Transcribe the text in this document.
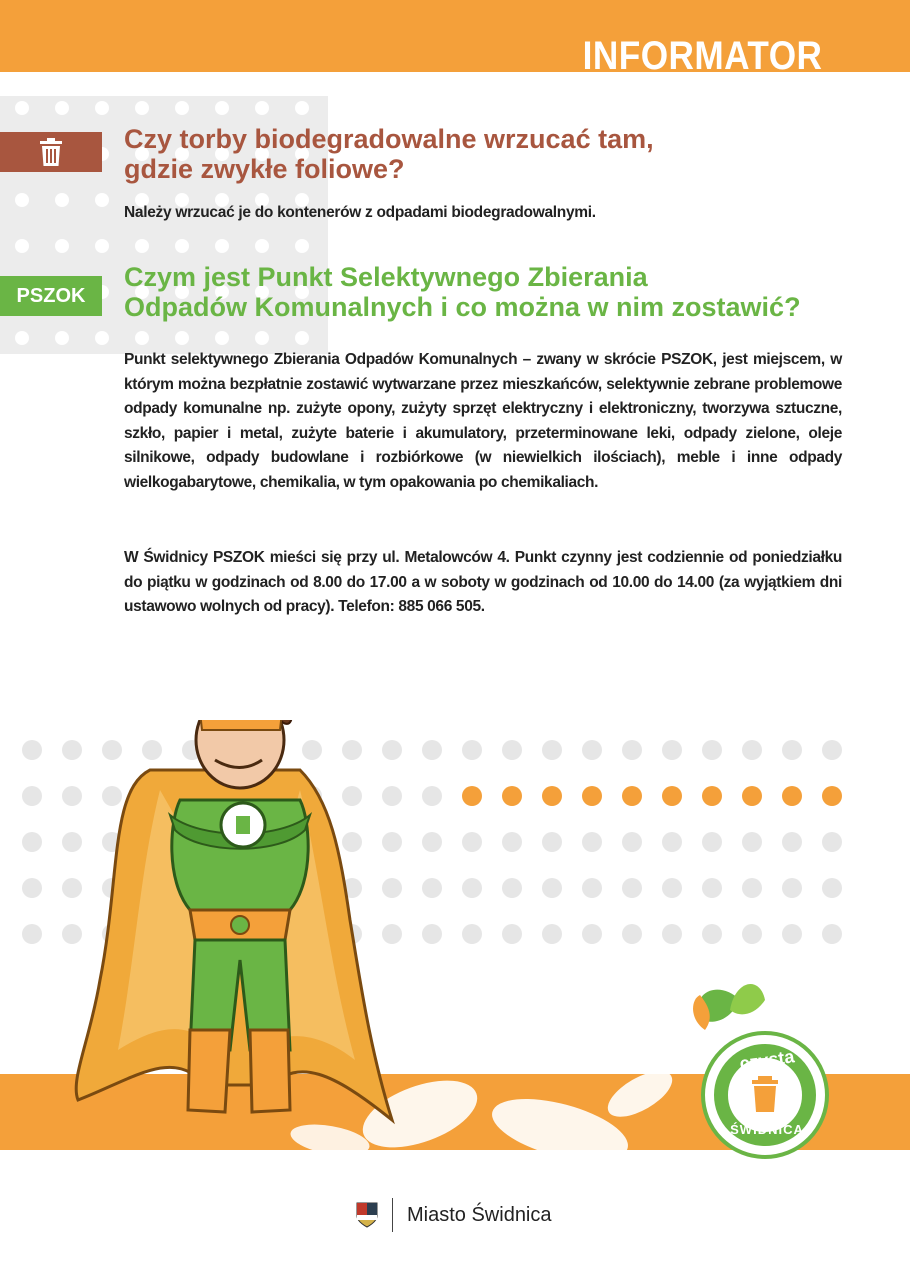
INFORMATOR
Czy torby biodegradowalne wrzucać tam,
gdzie zwykłe foliowe?
Należy wrzucać je do kontenerów z odpadami biodegradowalnymi.
PSZOK
Czym jest Punkt Selektywnego Zbierania
Odpadów Komunalnych i co można w nim zostawić?

Punkt selektywnego Zbierania Odpadów Komunalnych – zwany w skrócie PSZOK, jest miejscem, w którym można bezpłatnie zostawić wytwarzane przez mieszkańców, selektywnie zebrane problemowe odpady komunalne np. zużyte opony, zużyty sprzęt elektryczny i elektroniczny, tworzywa sztuczne, szkło, papier i metal, zużyte baterie i akumulatory, przeterminowane leki, odpady zielone, oleje silnikowe, odpady budowlane i rozbiórkowe (w niewielkich ilościach), meble i inne odpady wielkogabarytowe, chemikalia, w tym opakowania po chemikaliach.

W Świdnicy PSZOK mieści się przy ul. Metalowców 4. Punkt czynny jest codziennie od poniedziałku do piątku w godzinach od 8.00 do 17.00 a w soboty w godzinach od 10.00 do 14.00 (za wyjątkiem dni ustawowo wolnych od pracy). Telefon: 885 066 505.

czysta
ŚWIDNICA
Miasto Świdnica
